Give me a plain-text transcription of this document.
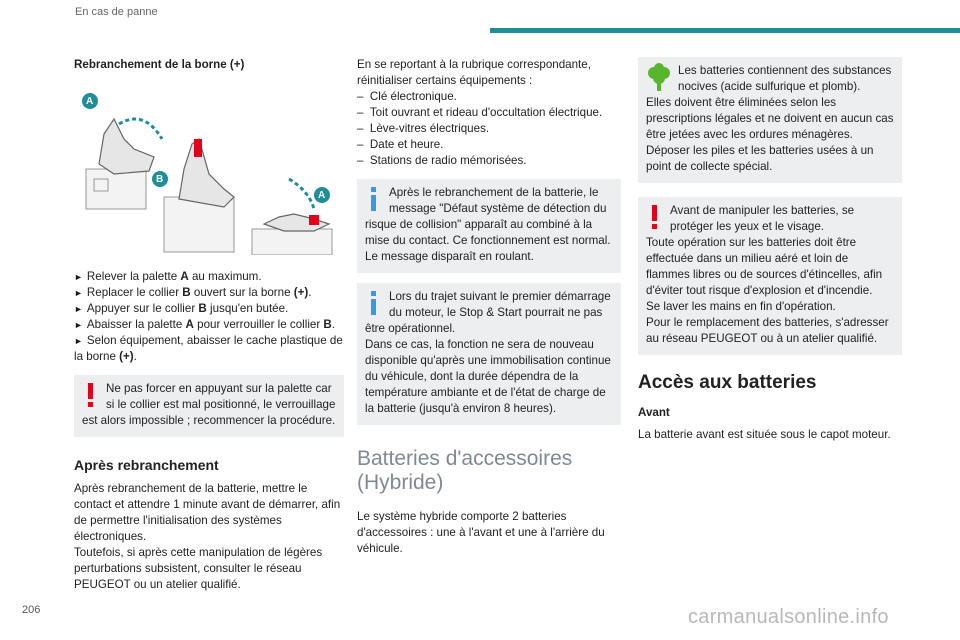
En cas de panne
Rebranchement de la borne (+)
A
B
A

► Relever la palette A au maximum.

► Replacer le collier B ouvert sur la borne (+).

► Appuyer sur le collier B jusqu'en butée.

► Abaisser la palette A pour verrouiller le collier B.

► Selon équipement, abaisser le cache plastique de la borne (+).

Ne pas forcer en appuyant sur la palette car si le collier est mal positionné, le verrouillage est alors impossible ; recommencer la procédure.

Après rebranchement

Après rebranchement de la batterie, mettre le contact et attendre 1 minute avant de démarrer, afin de permettre l'initialisation des systèmes électroniques.

Toutefois, si après cette manipulation de légères perturbations subsistent, consulter le réseau PEUGEOT ou un atelier qualifié.

En se reportant à la rubrique correspondante, réinitialiser certains équipements :

–  Clé électronique.

–  Toit ouvrant et rideau d'occultation électrique.

–  Lève-vitres électriques.

–  Date et heure.

–  Stations de radio mémorisées.

Après le rebranchement de la batterie, le message "Défaut système de détection du risque de collision" apparaît au combiné à la mise du contact. Ce fonctionnement est normal. Le message disparaît en roulant.

Lors du trajet suivant le premier démarrage du moteur, le Stop & Start pourrait ne pas être opérationnel.

Dans ce cas, la fonction ne sera de nouveau disponible qu'après une immobilisation continue du véhicule, dont la durée dépendra de la température ambiante et de l'état de charge de la batterie (jusqu'à environ 8 heures).

Batteries d'accessoires (Hybride)

Le système hybride comporte 2 batteries d'accessoires : une à l'avant et une à l'arrière du véhicule.

Les batteries contiennent des substances nocives (acide sulfurique et plomb).

Elles doivent être éliminées selon les prescriptions légales et ne doivent en aucun cas être jetées avec les ordures ménagères.

Déposer les piles et les batteries usées à un point de collecte spécial.

Avant de manipuler les batteries, se protéger les yeux et le visage.

Toute opération sur les batteries doit être effectuée dans un milieu aéré et loin de flammes libres ou de sources d'étincelles, afin d'éviter tout risque d'explosion et d'incendie.

Se laver les mains en fin d'opération.

Pour le remplacement des batteries, s'adresser au réseau PEUGEOT ou à un atelier qualifié.

Accès aux batteries
Avant

La batterie avant est située sous le capot moteur.

206	carmanualsonline.info
